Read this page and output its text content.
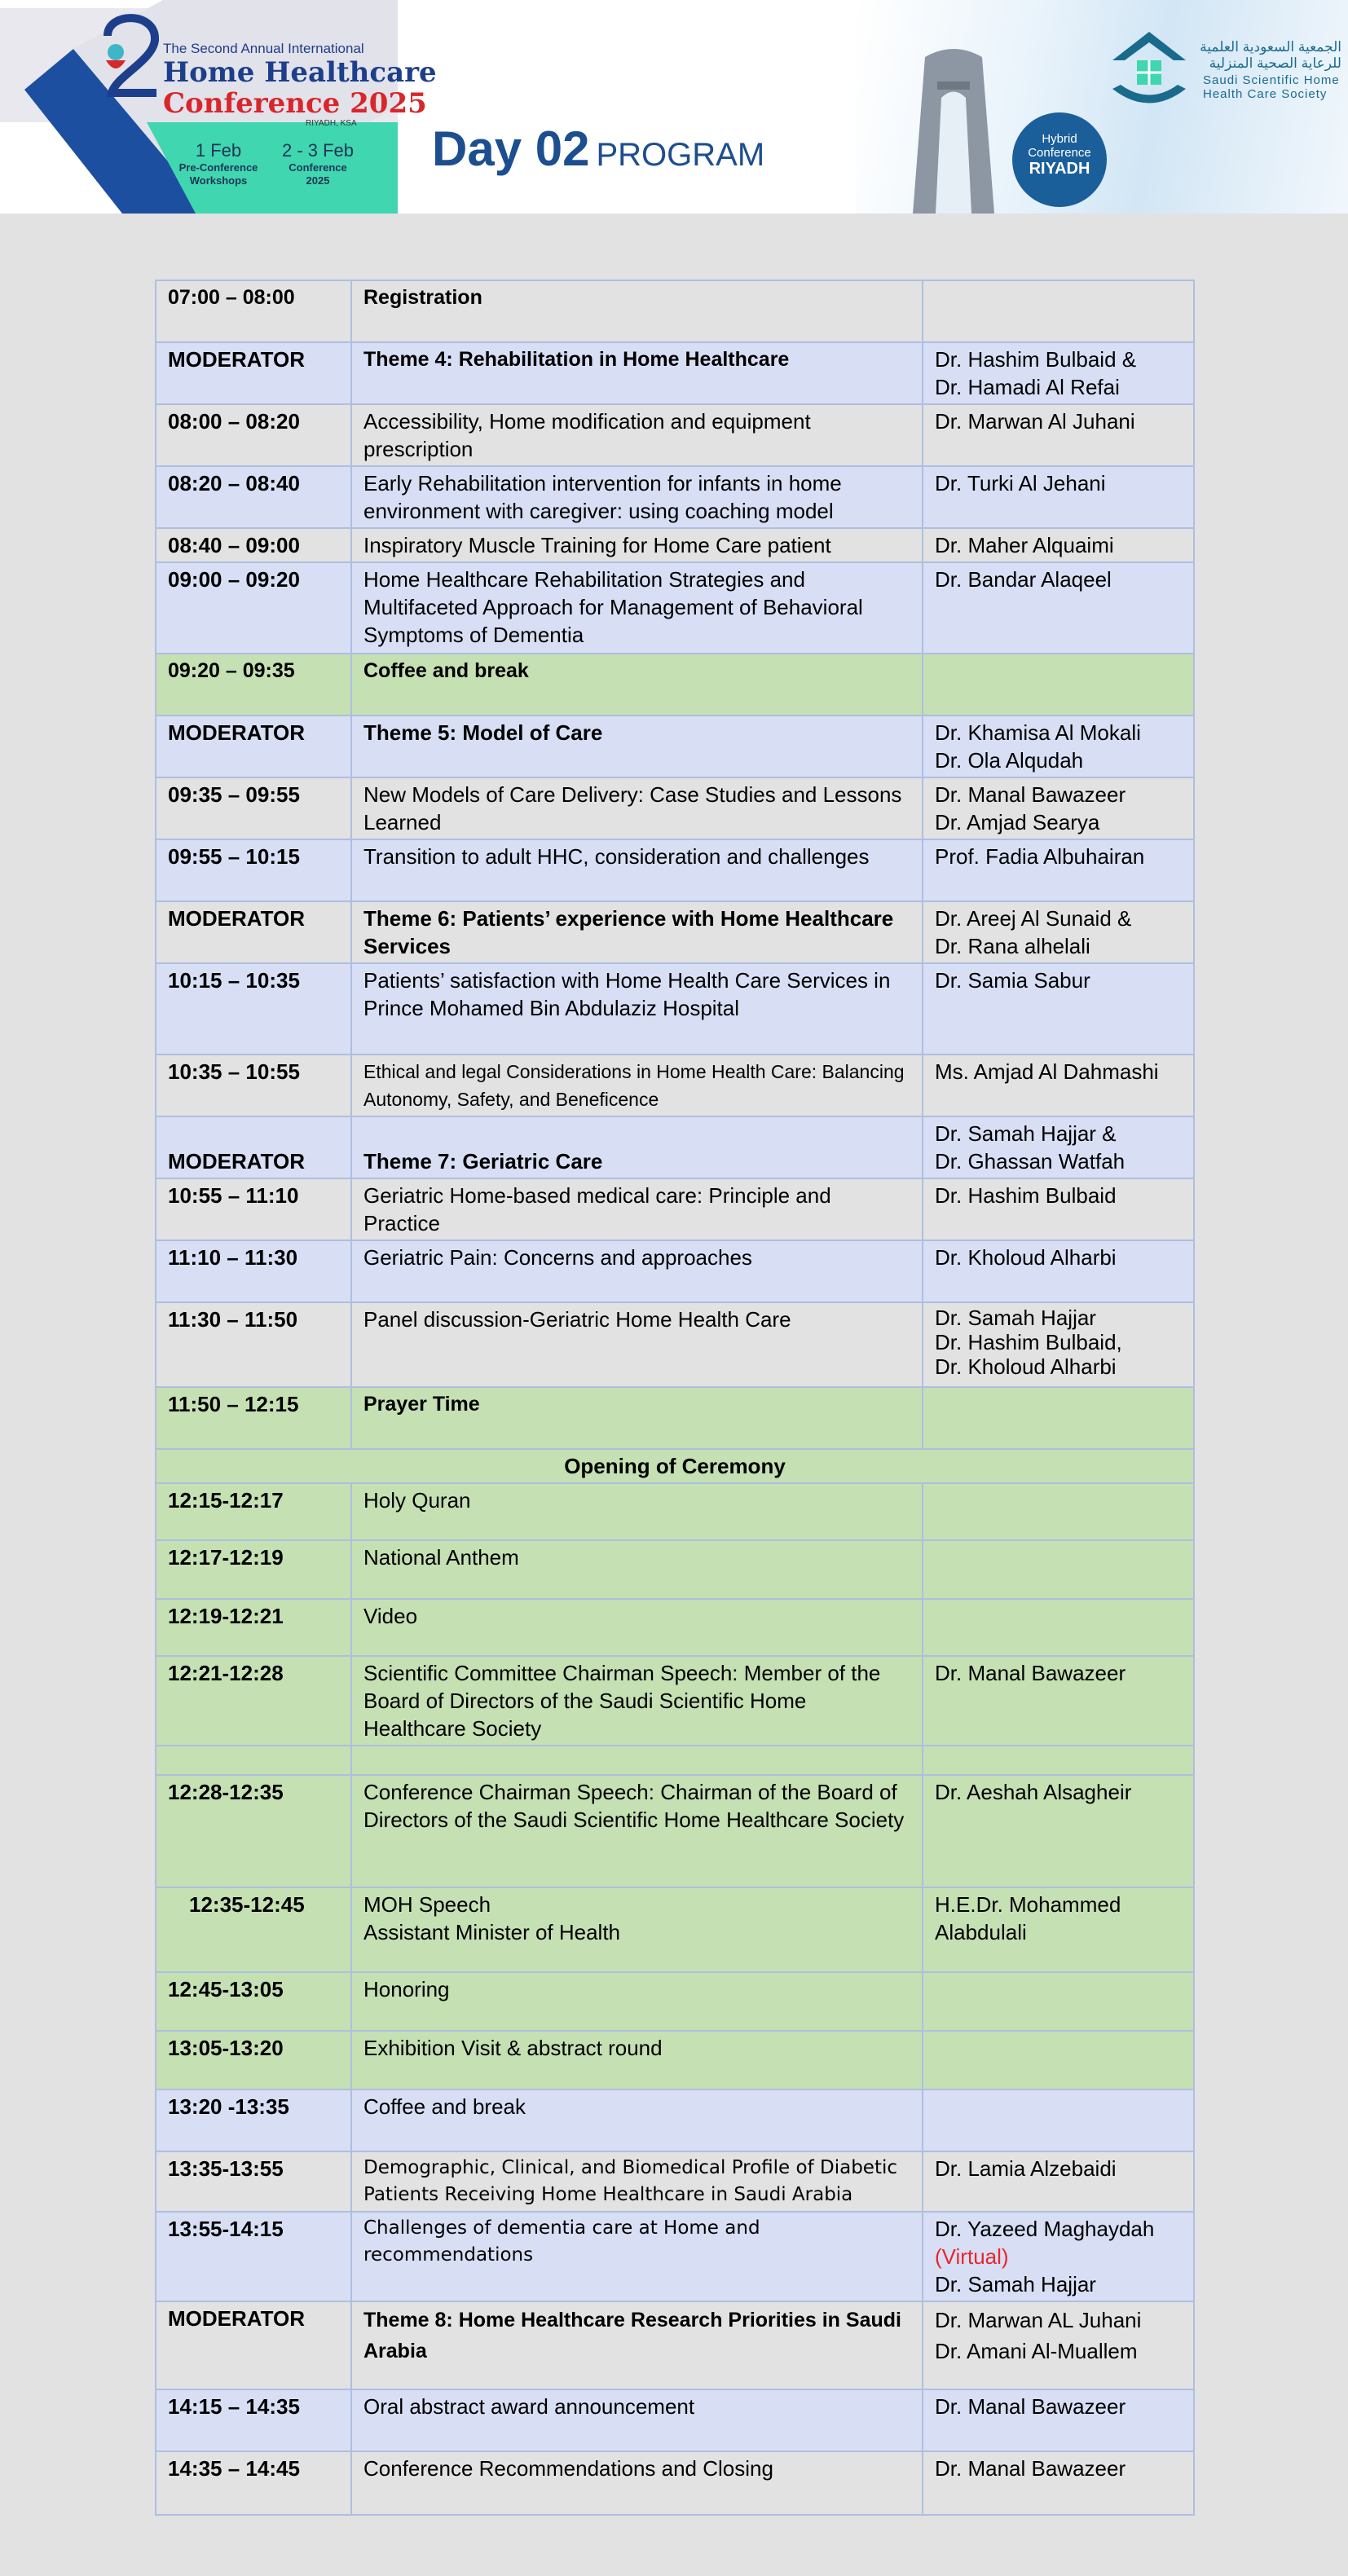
The Second Annual International
Home Healthcare
Conference 2025
RIYADH, KSA
1 Feb
Pre-Conference
Workshops
2 - 3 Feb
Conference
2025
Day 02 PROGRAM	Hybrid
Conference
RIYADH
الجمعية السعودية العلمية
للرعاية الصحية المنزلية
Saudi Scientific Home
Health Care Society
07:00 – 08:00	Registration	
MODERATOR	Theme 4: Rehabilitation in Home Healthcare	Dr. Hashim Bulbaid &
Dr. Hamadi Al Refai

08:00 – 08:20	Accessibility, Home modification and equipment prescription	Dr. Marwan Al Juhani
08:20 – 08:40	Early Rehabilitation intervention for infants in home environment with caregiver: using coaching model	Dr. Turki Al Jehani
08:40 – 09:00	Inspiratory Muscle Training for Home Care patient	Dr. Maher Alquaimi
09:00 – 09:20	Home Healthcare Rehabilitation Strategies and Multifaceted Approach for Management of Behavioral Symptoms of Dementia	Dr. Bandar Alaqeel
09:20 – 09:35	Coffee and break	
MODERATOR	Theme 5: Model of Care	Dr. Khamisa Al Mokali
Dr. Ola Alqudah

09:35 – 09:55	New Models of Care Delivery: Case Studies and Lessons Learned	Dr. Manal Bawazeer
Dr. Amjad Searya

09:55 – 10:15	Transition to adult HHC, consideration and challenges	Prof. Fadia Albuhairan
MODERATOR	Theme 6: Patients’ experience with Home Healthcare Services	Dr. Areej Al Sunaid &
Dr. Rana alhelali

10:15 – 10:35	Patients’ satisfaction with Home Health Care Services in Prince Mohamed Bin Abdulaziz Hospital	Dr. Samia Sabur
10:35 – 10:55	Ethical and legal Considerations in Home Health Care: Balancing Autonomy, Safety, and Beneficence	Ms. Amjad Al Dahmashi
MODERATOR	Theme 7: Geriatric Care	Dr. Samah Hajjar &
Dr. Ghassan Watfah

10:55 – 11:10	Geriatric Home-based medical care: Principle and Practice	Dr. Hashim Bulbaid
11:10 – 11:30	Geriatric Pain: Concerns and approaches	Dr. Kholoud Alharbi
11:30 – 11:50	Panel discussion-Geriatric Home Health Care	Dr. Samah Hajjar
Dr. Hashim Bulbaid,
Dr. Kholoud Alharbi

11:50 – 12:15	Prayer Time	
Opening of Ceremony		
12:15-12:17	Holy Quran	
12:17-12:19	National Anthem	
12:19-12:21	Video	
12:21-12:28	Scientific Committee Chairman Speech: Member of the Board of Directors of the Saudi Scientific Home Healthcare Society	Dr. Manal Bawazeer

12:28-12:35	Conference Chairman Speech: Chairman of the Board of Directors of the Saudi Scientific Home Healthcare Society	Dr. Aeshah Alsagheir
12:35-12:45	MOH Speech
Assistant Minister of Health	H.E.Dr. Mohammed Alabdulali
12:45-13:05	Honoring	
13:05-13:20	Exhibition Visit & abstract round	
13:20 -13:35	Coffee and break	
13:35-13:55	Demographic, Clinical, and Biomedical Profile of Diabetic Patients Receiving Home Healthcare in Saudi Arabia	Dr. Lamia Alzebaidi
13:55-14:15	Challenges of dementia care at Home and recommendations	Dr. Yazeed Maghaydah
(Virtual)
Dr. Samah Hajjar

MODERATOR	Theme 8: Home Healthcare Research Priorities in Saudi Arabia	Dr. Marwan AL Juhani
Dr. Amani Al-Muallem

14:15 – 14:35	Oral abstract award announcement	Dr. Manal Bawazeer
14:35 – 14:45	Conference Recommendations and Closing	Dr. Manal Bawazeer
